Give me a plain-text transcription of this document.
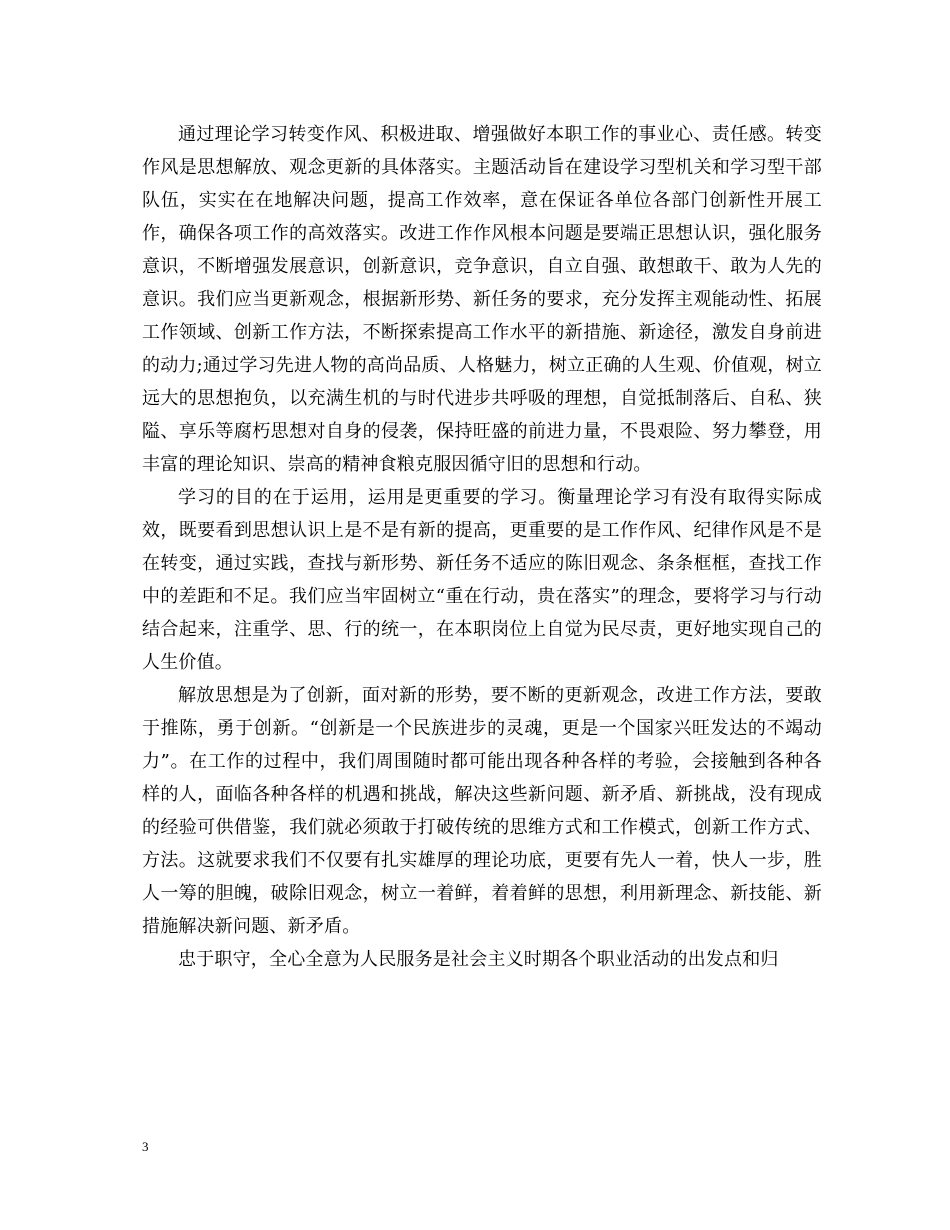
通过理论学习转变作风、积极进取、增强做好本职工作的事业心、责任感。转变作风是思想解放、观念更新的具体落实。主题活动旨在建设学习型机关和学习型干部队伍，实实在在地解决问题，提高工作效率，意在保证各单位各部门创新性开展工作，确保各项工作的高效落实。改进工作作风根本问题是要端正思想认识，强化服务意识，不断增强发展意识，创新意识，竞争意识，自立自强、敢想敢干、敢为人先的意识。我们应当更新观念，根据新形势、新任务的要求，充分发挥主观能动性、拓展工作领域、创新工作方法，不断探索提高工作水平的新措施、新途径，激发自身前进的动力;通过学习先进人物的高尚品质、人格魅力，树立正确的人生观、价值观，树立远大的思想抱负，以充满生机的与时代进步共呼吸的理想，自觉抵制落后、自私、狭隘、享乐等腐朽思想对自身的侵袭，保持旺盛的前进力量，不畏艰险、努力攀登，用丰富的理论知识、崇高的精神食粮克服因循守旧的思想和行动。

学习的目的在于运用，运用是更重要的学习。衡量理论学习有没有取得实际成效，既要看到思想认识上是不是有新的提高，更重要的是工作作风、纪律作风是不是在转变，通过实践，查找与新形势、新任务不适应的陈旧观念、条条框框，查找工作中的差距和不足。我们应当牢固树立“重在行动，贵在落实”的理念，要将学习与行动结合起来，注重学、思、行的统一，在本职岗位上自觉为民尽责，更好地实现自己的人生价值。

解放思想是为了创新，面对新的形势，要不断的更新观念，改进工作方法，要敢于推陈，勇于创新。“创新是一个民族进步的灵魂，更是一个国家兴旺发达的不竭动力”。在工作的过程中，我们周围随时都可能出现各种各样的考验，会接触到各种各样的人，面临各种各样的机遇和挑战，解决这些新问题、新矛盾、新挑战，没有现成的经验可供借鉴，我们就必须敢于打破传统的思维方式和工作模式，创新工作方式、方法。这就要求我们不仅要有扎实雄厚的理论功底，更要有先人一着，快人一步，胜人一筹的胆魄，破除旧观念，树立一着鲜，着着鲜的思想，利用新理念、新技能、新措施解决新问题、新矛盾。

忠于职守，全心全意为人民服务是社会主义时期各个职业活动的出发点和归

3
